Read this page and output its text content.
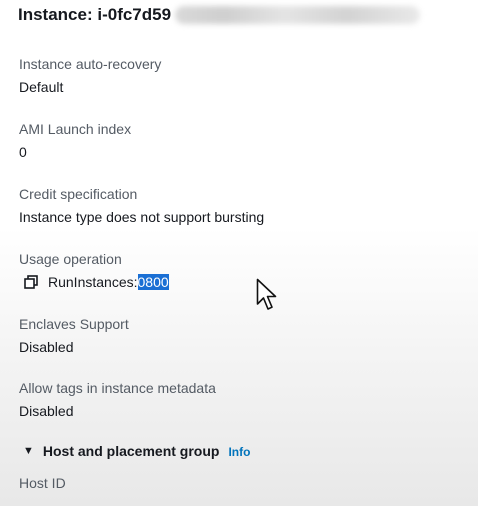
Instance: i-0fc7d59
Instance auto-recovery
Default
AMI Launch index
0
Credit specification
Instance type does not support bursting
Usage operation
RunInstances:0800
Enclaves Support
Disabled
Allow tags in instance metadata
Disabled
▼ Host and placement group Info
Host ID
